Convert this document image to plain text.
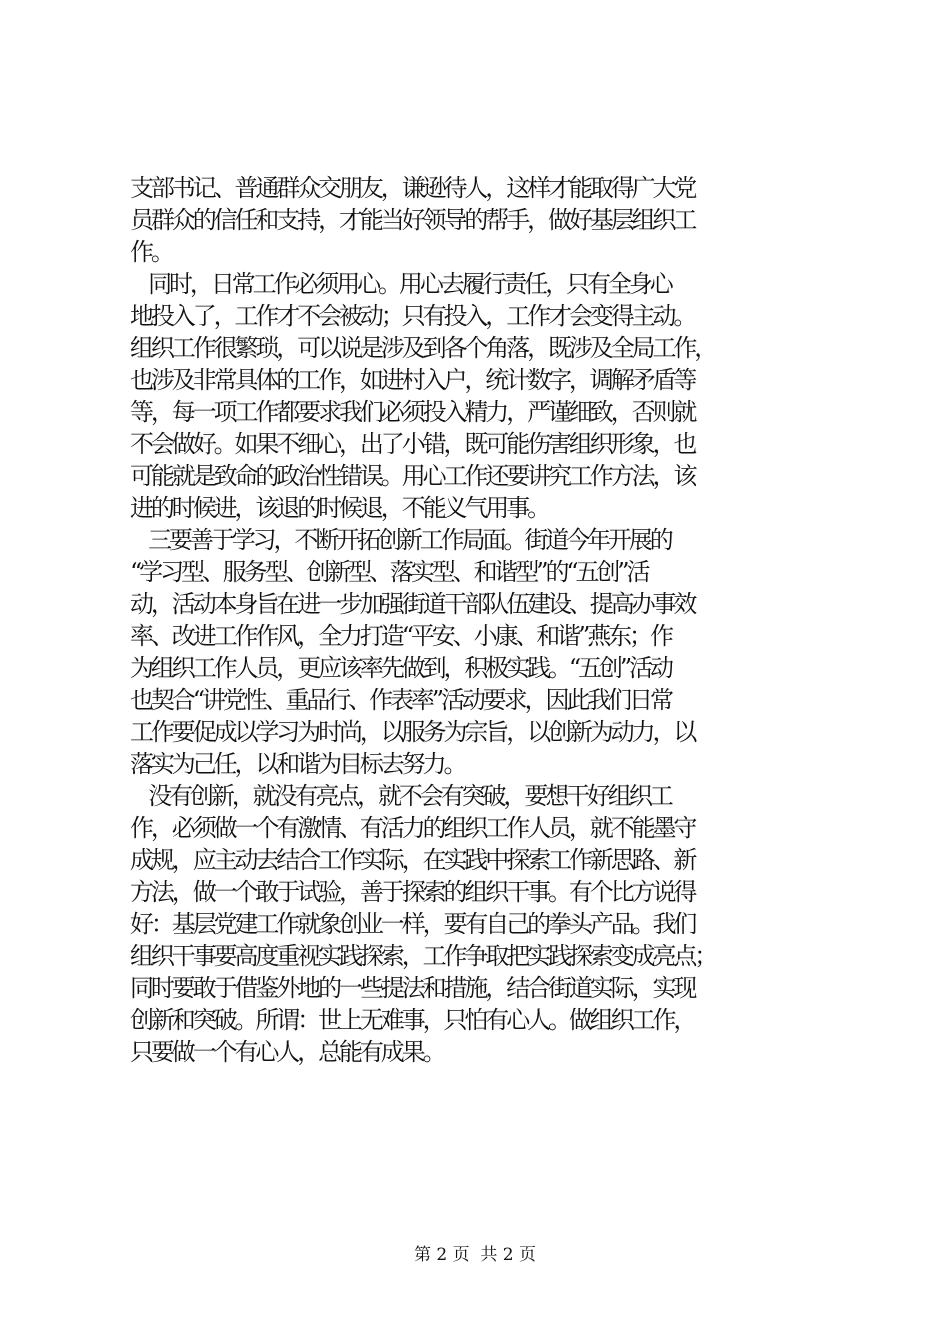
支部书记、普通群众交朋友，谦逊待人，这样才能取得广大党
员群众的信任和支持，才能当好领导的帮手，做好基层组织工
作。
同时，日常工作必须用心。用心去履行责任，只有全身心
地投入了，工作才不会被动；只有投入，工作才会变得主动。
组织工作很繁琐，可以说是涉及到各个角落，既涉及全局工作，
也涉及非常具体的工作，如进村入户，统计数字，调解矛盾等
等，每一项工作都要求我们必须投入精力，严谨细致，否则就
不会做好。如果不细心，出了小错，既可能伤害组织形象，也
可能就是致命的政治性错误。用心工作还要讲究工作方法，该
进的时候进，该退的时候退，不能义气用事。
三要善于学习，不断开拓创新工作局面。街道今年开展的
“学习型、服务型、创新型、落实型、和谐型”的“五创”活
动，活动本身旨在进一步加强街道干部队伍建设、提高办事效
率、改进工作作风，全力打造“平安、小康、和谐”燕东；作
为组织工作人员，更应该率先做到，积极实践。“五创”活动
也契合“讲党性、重品行、作表率”活动要求，因此我们日常
工作要促成以学习为时尚，以服务为宗旨，以创新为动力，以
落实为己任，以和谐为目标去努力。
没有创新，就没有亮点，就不会有突破，要想干好组织工
作，必须做一个有激情、有活力的组织工作人员，就不能墨守
成规，应主动去结合工作实际，在实践中探索工作新思路、新
方法，做一个敢于试验，善于探索的组织干事。有个比方说得
好：基层党建工作就象创业一样，要有自己的拳头产品。我们
组织干事要高度重视实践探索，工作争取把实践探索变成亮点；
同时要敢于借鉴外地的一些提法和措施，结合街道实际，实现
创新和突破。所谓：世上无难事，只怕有心人。做组织工作，
只要做一个有心人，总能有成果。
第 2 页  共 2 页
